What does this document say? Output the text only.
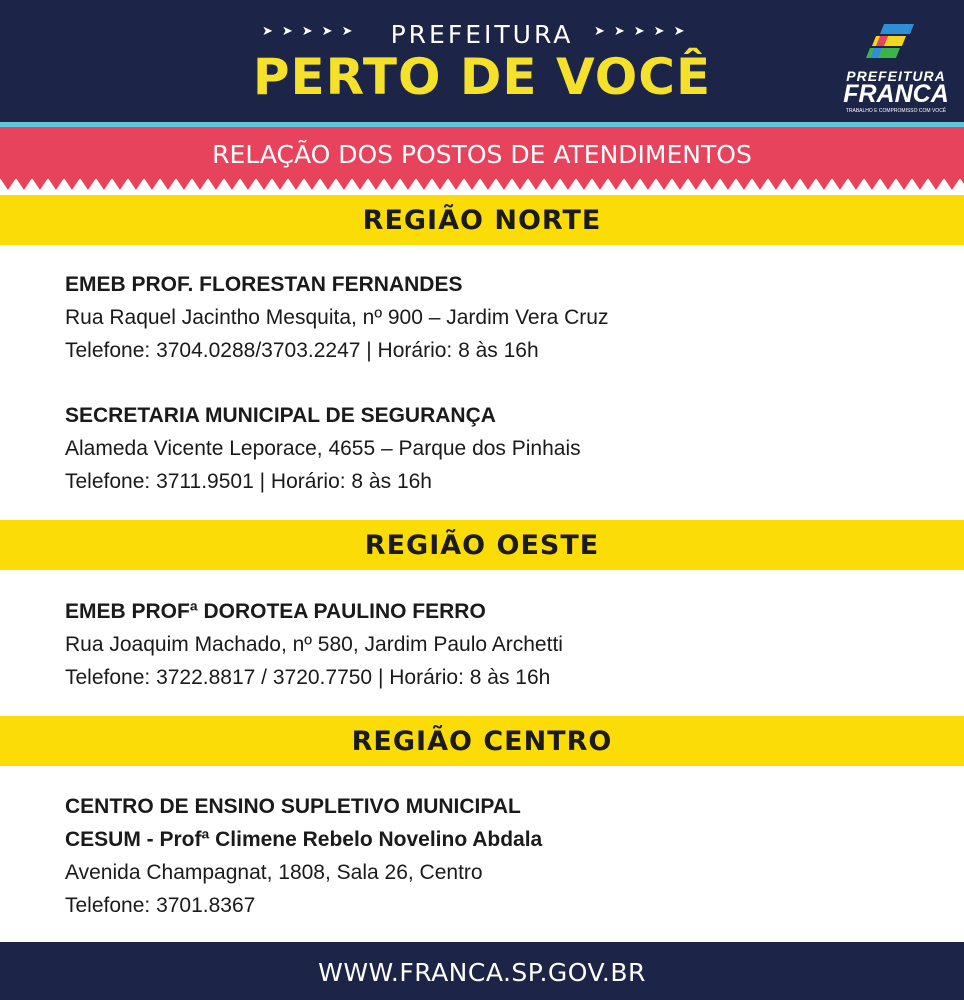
➤➤➤➤➤	PREFEITURA	➤➤➤➤➤
PERTO DE VOCÊ	PREFEITURA
FRANCA
TRABALHO E COMPROMISSO COM VOCÊ
RELAÇÃO DOS POSTOS DE ATENDIMENTOS
REGIÃO NORTE
EMEB PROF. FLORESTAN FERNANDES
Rua Raquel Jacintho Mesquita, nº 900 – Jardim Vera Cruz
Telefone: 3704.0288/3703.2247 | Horário: 8 às 16h
SECRETARIA MUNICIPAL DE SEGURANÇA
Alameda Vicente Leporace, 4655 – Parque dos Pinhais
Telefone: 3711.9501 | Horário: 8 às 16h
REGIÃO OESTE
EMEB PROFª DOROTEA PAULINO FERRO
Rua Joaquim Machado, nº 580, Jardim Paulo Archetti
Telefone: 3722.8817 / 3720.7750 | Horário: 8 às 16h
REGIÃO CENTRO
CENTRO DE ENSINO SUPLETIVO MUNICIPAL
CESUM - Profª Climene Rebelo Novelino Abdala
Avenida Champagnat, 1808, Sala 26, Centro
Telefone: 3701.8367
WWW.FRANCA.SP.GOV.BR
